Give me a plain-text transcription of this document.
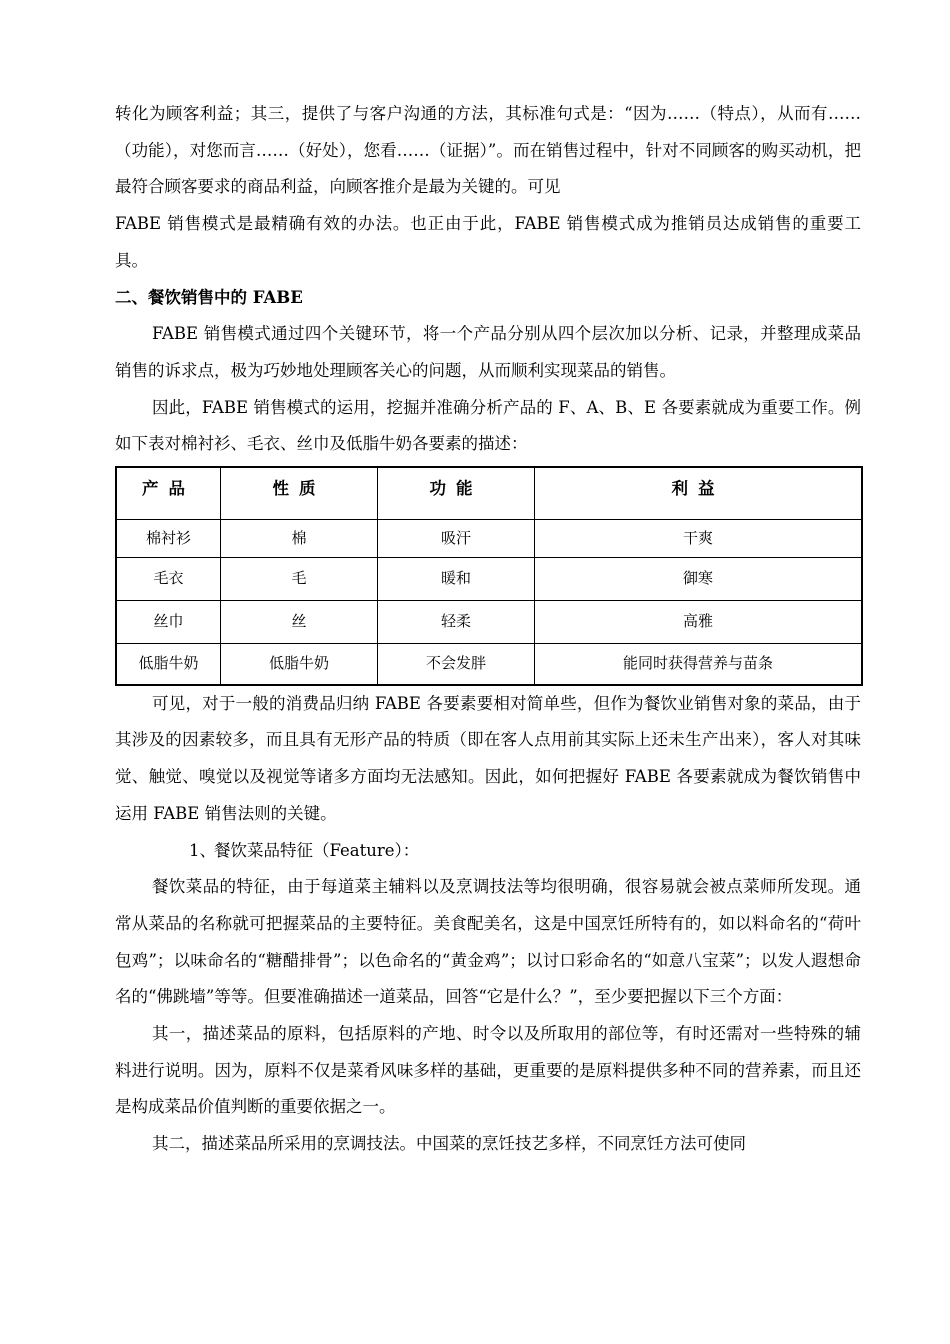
转化为顾客利益；其三，提供了与客户沟通的方法，其标准句式是：“因为……（特点），从而有……（功能），对您而言……（好处），您看……（证据）”。而在销售过程中，针对不同顾客的购买动机，把最符合顾客要求的商品利益，向顾客推介是最为关键的。可见

FABE 销售模式是最精确有效的办法。也正由于此，FABE 销售模式成为推销员达成销售的重要工具。

二、餐饮销售中的 FABE

FABE 销售模式通过四个关键环节，将一个产品分别从四个层次加以分析、记录，并整理成菜品销售的诉求点，极为巧妙地处理顾客关心的问题，从而顺利实现菜品的销售。

因此，FABE 销售模式的运用，挖掘并准确分析产品的 F、A、B、E 各要素就成为重要工作。例如下表对棉衬衫、毛衣、丝巾及低脂牛奶各要素的描述：

产品	性质	功能	利益
棉衬衫	棉	吸汗	干爽
毛衣	毛	暖和	御寒
丝巾	丝	轻柔	高雅
低脂牛奶	低脂牛奶	不会发胖	能同时获得营养与苗条

可见，对于一般的消费品归纳 FABE 各要素要相对简单些，但作为餐饮业销售对象的菜品，由于其涉及的因素较多，而且具有无形产品的特质（即在客人点用前其实际上还未生产出来），客人对其味觉、触觉、嗅觉以及视觉等诸多方面均无法感知。因此，如何把握好 FABE 各要素就成为餐饮销售中运用 FABE 销售法则的关键。

1、餐饮菜品特征（Feature）：

餐饮菜品的特征，由于每道菜主辅料以及烹调技法等均很明确，很容易就会被点菜师所发现。通常从菜品的名称就可把握菜品的主要特征。美食配美名，这是中国烹饪所特有的，如以料命名的“荷叶包鸡”；以味命名的“糖醋排骨”；以色命名的“黄金鸡”；以讨口彩命名的“如意八宝菜”；以发人遐想命名的“佛跳墙”等等。但要准确描述一道菜品，回答“它是什么？”，至少要把握以下三个方面：

其一，描述菜品的原料，包括原料的产地、时令以及所取用的部位等，有时还需对一些特殊的辅料进行说明。因为，原料不仅是菜肴风味多样的基础，更重要的是原料提供多种不同的营养素，而且还是构成菜品价值判断的重要依据之一。

其二，描述菜品所采用的烹调技法。中国菜的烹饪技艺多样，不同烹饪方法可使同
